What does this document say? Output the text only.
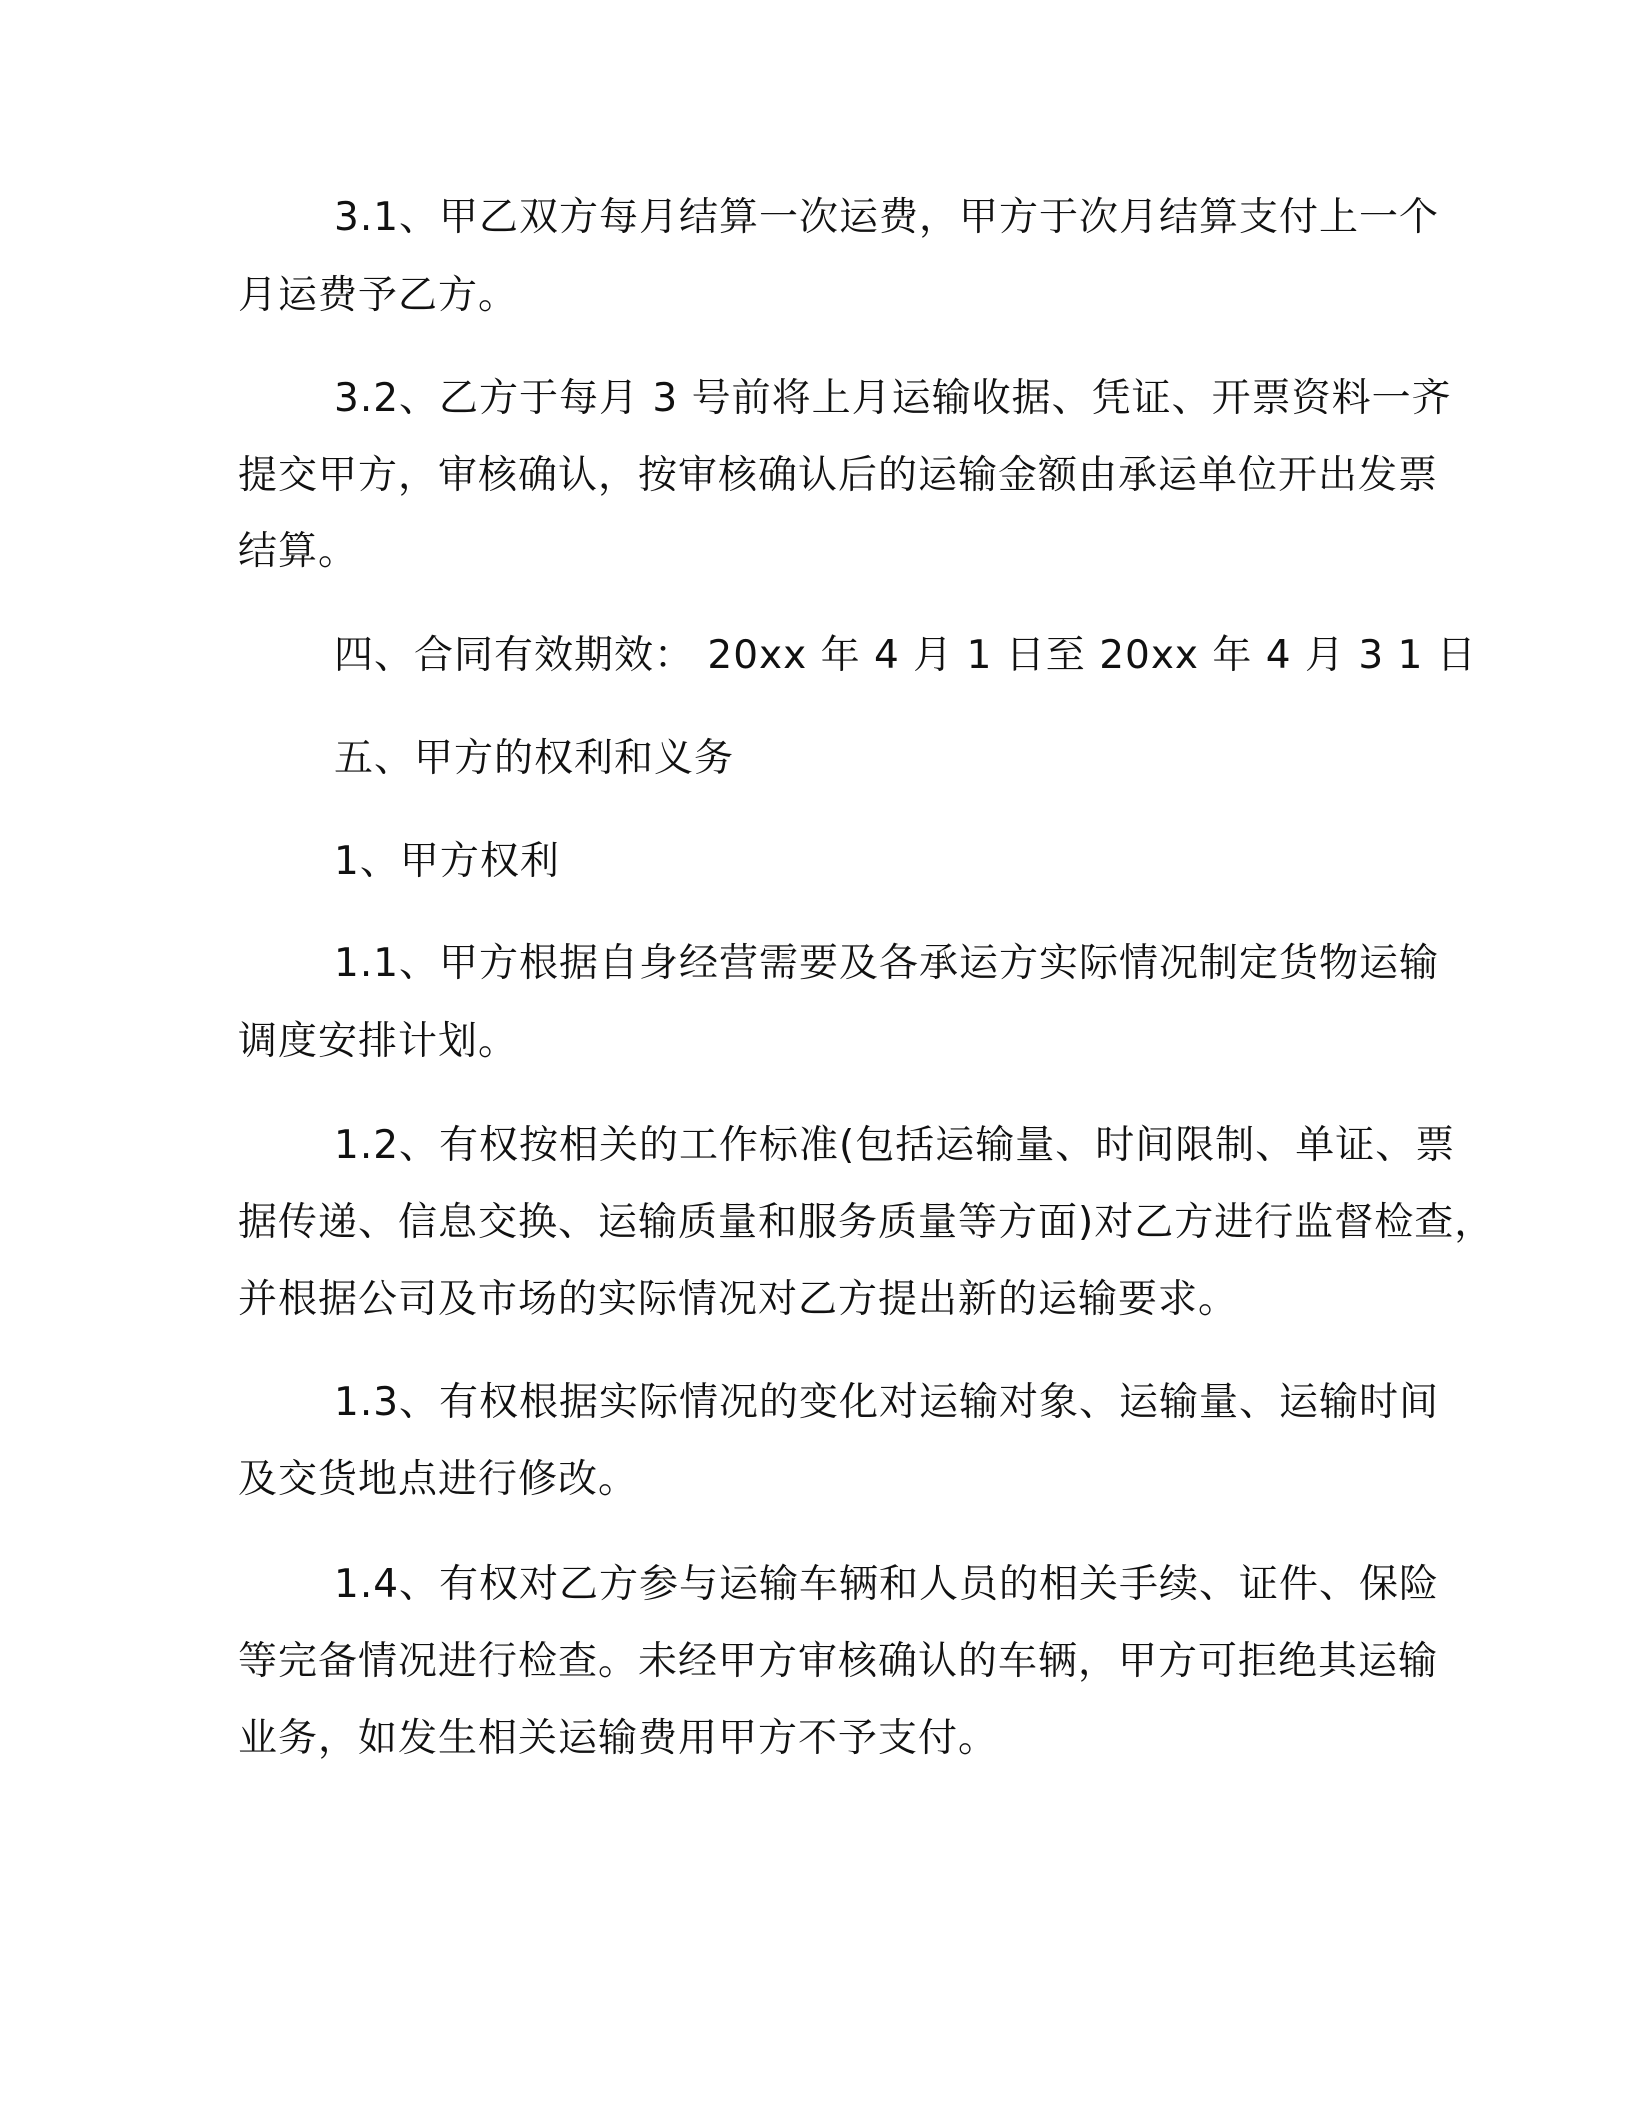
3.1、甲乙双方每月结算一次运费，甲方于次月结算支付上一个
月运费予乙方。
3.2、乙方于每月 3 号前将上月运输收据、凭证、开票资料一齐
提交甲方，审核确认，按审核确认后的运输金额由承运单位开出发票
结算。
四、合同有效期效： 20xx 年 4 月 1 日至 20xx 年 4 月 3 1 日
五、甲方的权利和义务
1、甲方权利
1.1、甲方根据自身经营需要及各承运方实际情况制定货物运输
调度安排计划。
1.2、有权按相关的工作标准(包括运输量、时间限制、单证、票
据传递、信息交换、运输质量和服务质量等方面)对乙方进行监督检查，
并根据公司及市场的实际情况对乙方提出新的运输要求。
1.3、有权根据实际情况的变化对运输对象、运输量、运输时间
及交货地点进行修改。
1.4、有权对乙方参与运输车辆和人员的相关手续、证件、保险
等完备情况进行检查。未经甲方审核确认的车辆，甲方可拒绝其运输
业务，如发生相关运输费用甲方不予支付。
